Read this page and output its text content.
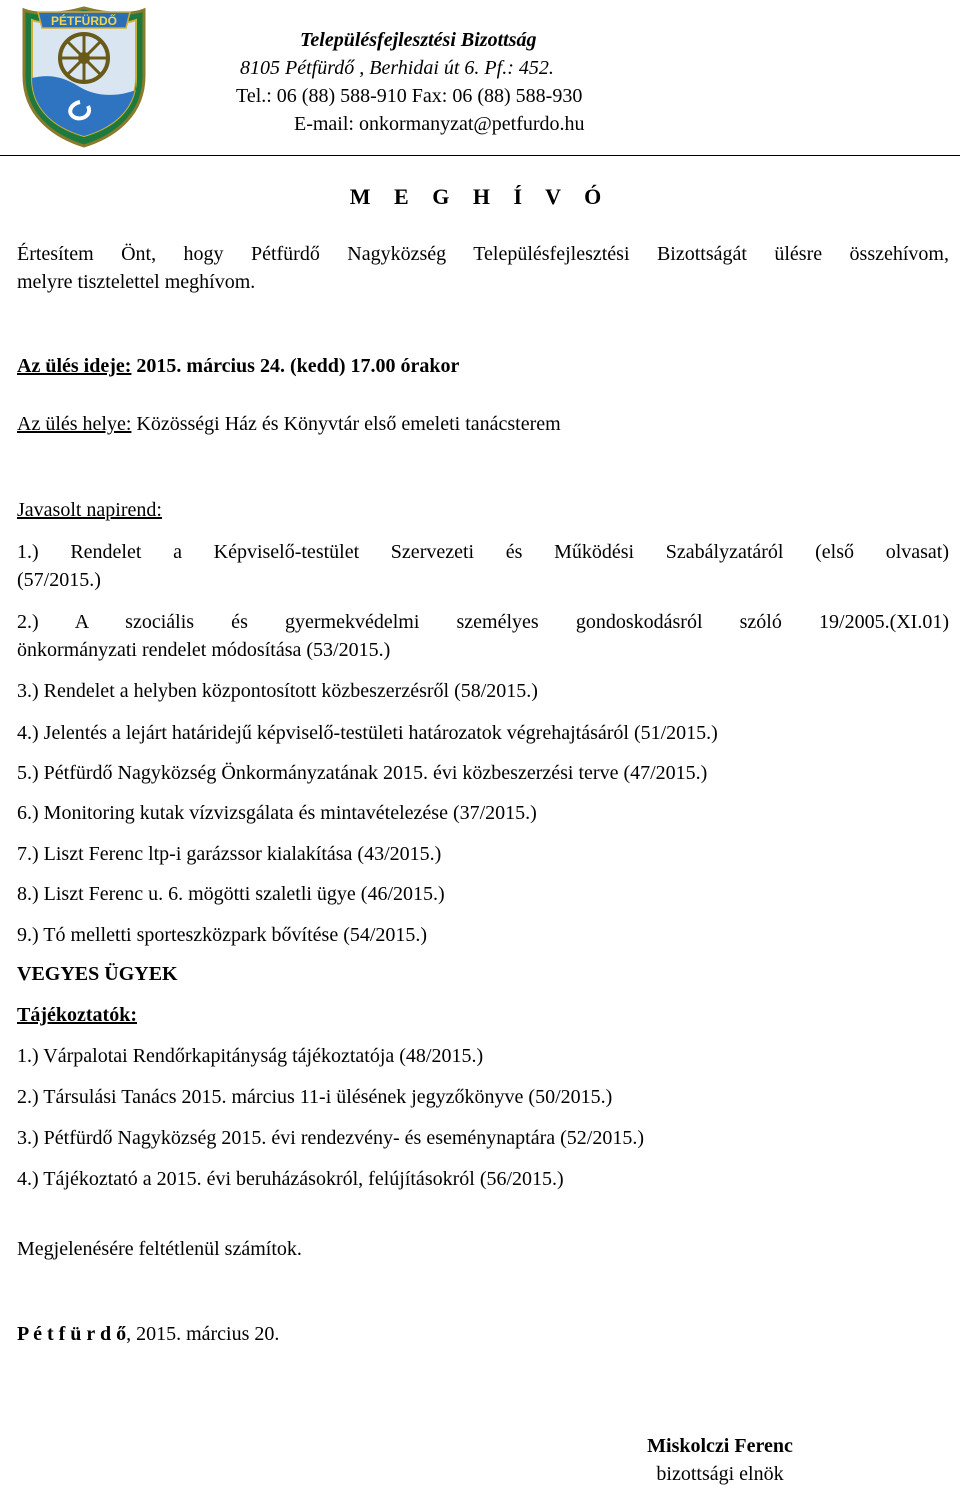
PÉTFÜRDŐ
Településfejlesztési Bizottság
8105 Pétfürdő , Berhidai út 6. Pf.: 452.
Tel.: 06 (88) 588-910 Fax: 06 (88) 588-930
E-mail: onkormanyzat@petfurdo.hu
M E G H Í V Ó
Értesítem Önt, hogy Pétfürdő Nagyközség Településfejlesztési Bizottságát ülésre összehívom,
melyre tisztelettel meghívom.
Az ülés ideje: 2015. március 24. (kedd) 17.00 órakor
Az ülés helye: Közösségi Ház és Könyvtár első emeleti tanácsterem
Javasolt napirend:
1.) Rendelet a Képviselő-testület Szervezeti és Működési Szabályzatáról (első olvasat)
(57/2015.)
2.) A szociális és gyermekvédelmi személyes gondoskodásról szóló 19/2005.(XI.01)
önkormányzati rendelet módosítása (53/2015.)
3.) Rendelet a helyben központosított közbeszerzésről (58/2015.)
4.) Jelentés a lejárt határidejű képviselő-testületi határozatok végrehajtásáról (51/2015.)
5.) Pétfürdő Nagyközség Önkormányzatának 2015. évi közbeszerzési terve (47/2015.)
6.) Monitoring kutak vízvizsgálata és mintavételezése (37/2015.)
7.) Liszt Ferenc ltp-i garázssor kialakítása (43/2015.)
8.) Liszt Ferenc u. 6. mögötti szaletli ügye (46/2015.)
9.) Tó melletti sporteszközpark bővítése (54/2015.)
VEGYES ÜGYEK
Tájékoztatók:
1.) Várpalotai Rendőrkapitányság tájékoztatója (48/2015.)
2.) Társulási Tanács 2015. március 11-i ülésének jegyzőkönyve (50/2015.)
3.) Pétfürdő Nagyközség 2015. évi rendezvény- és eseménynaptára (52/2015.)
4.) Tájékoztató a 2015. évi beruházásokról, felújításokról (56/2015.)
Megjelenésére feltétlenül számítok.
P é t f ü r d ő, 2015. március 20.
Miskolczi Ferenc
bizottsági elnök
